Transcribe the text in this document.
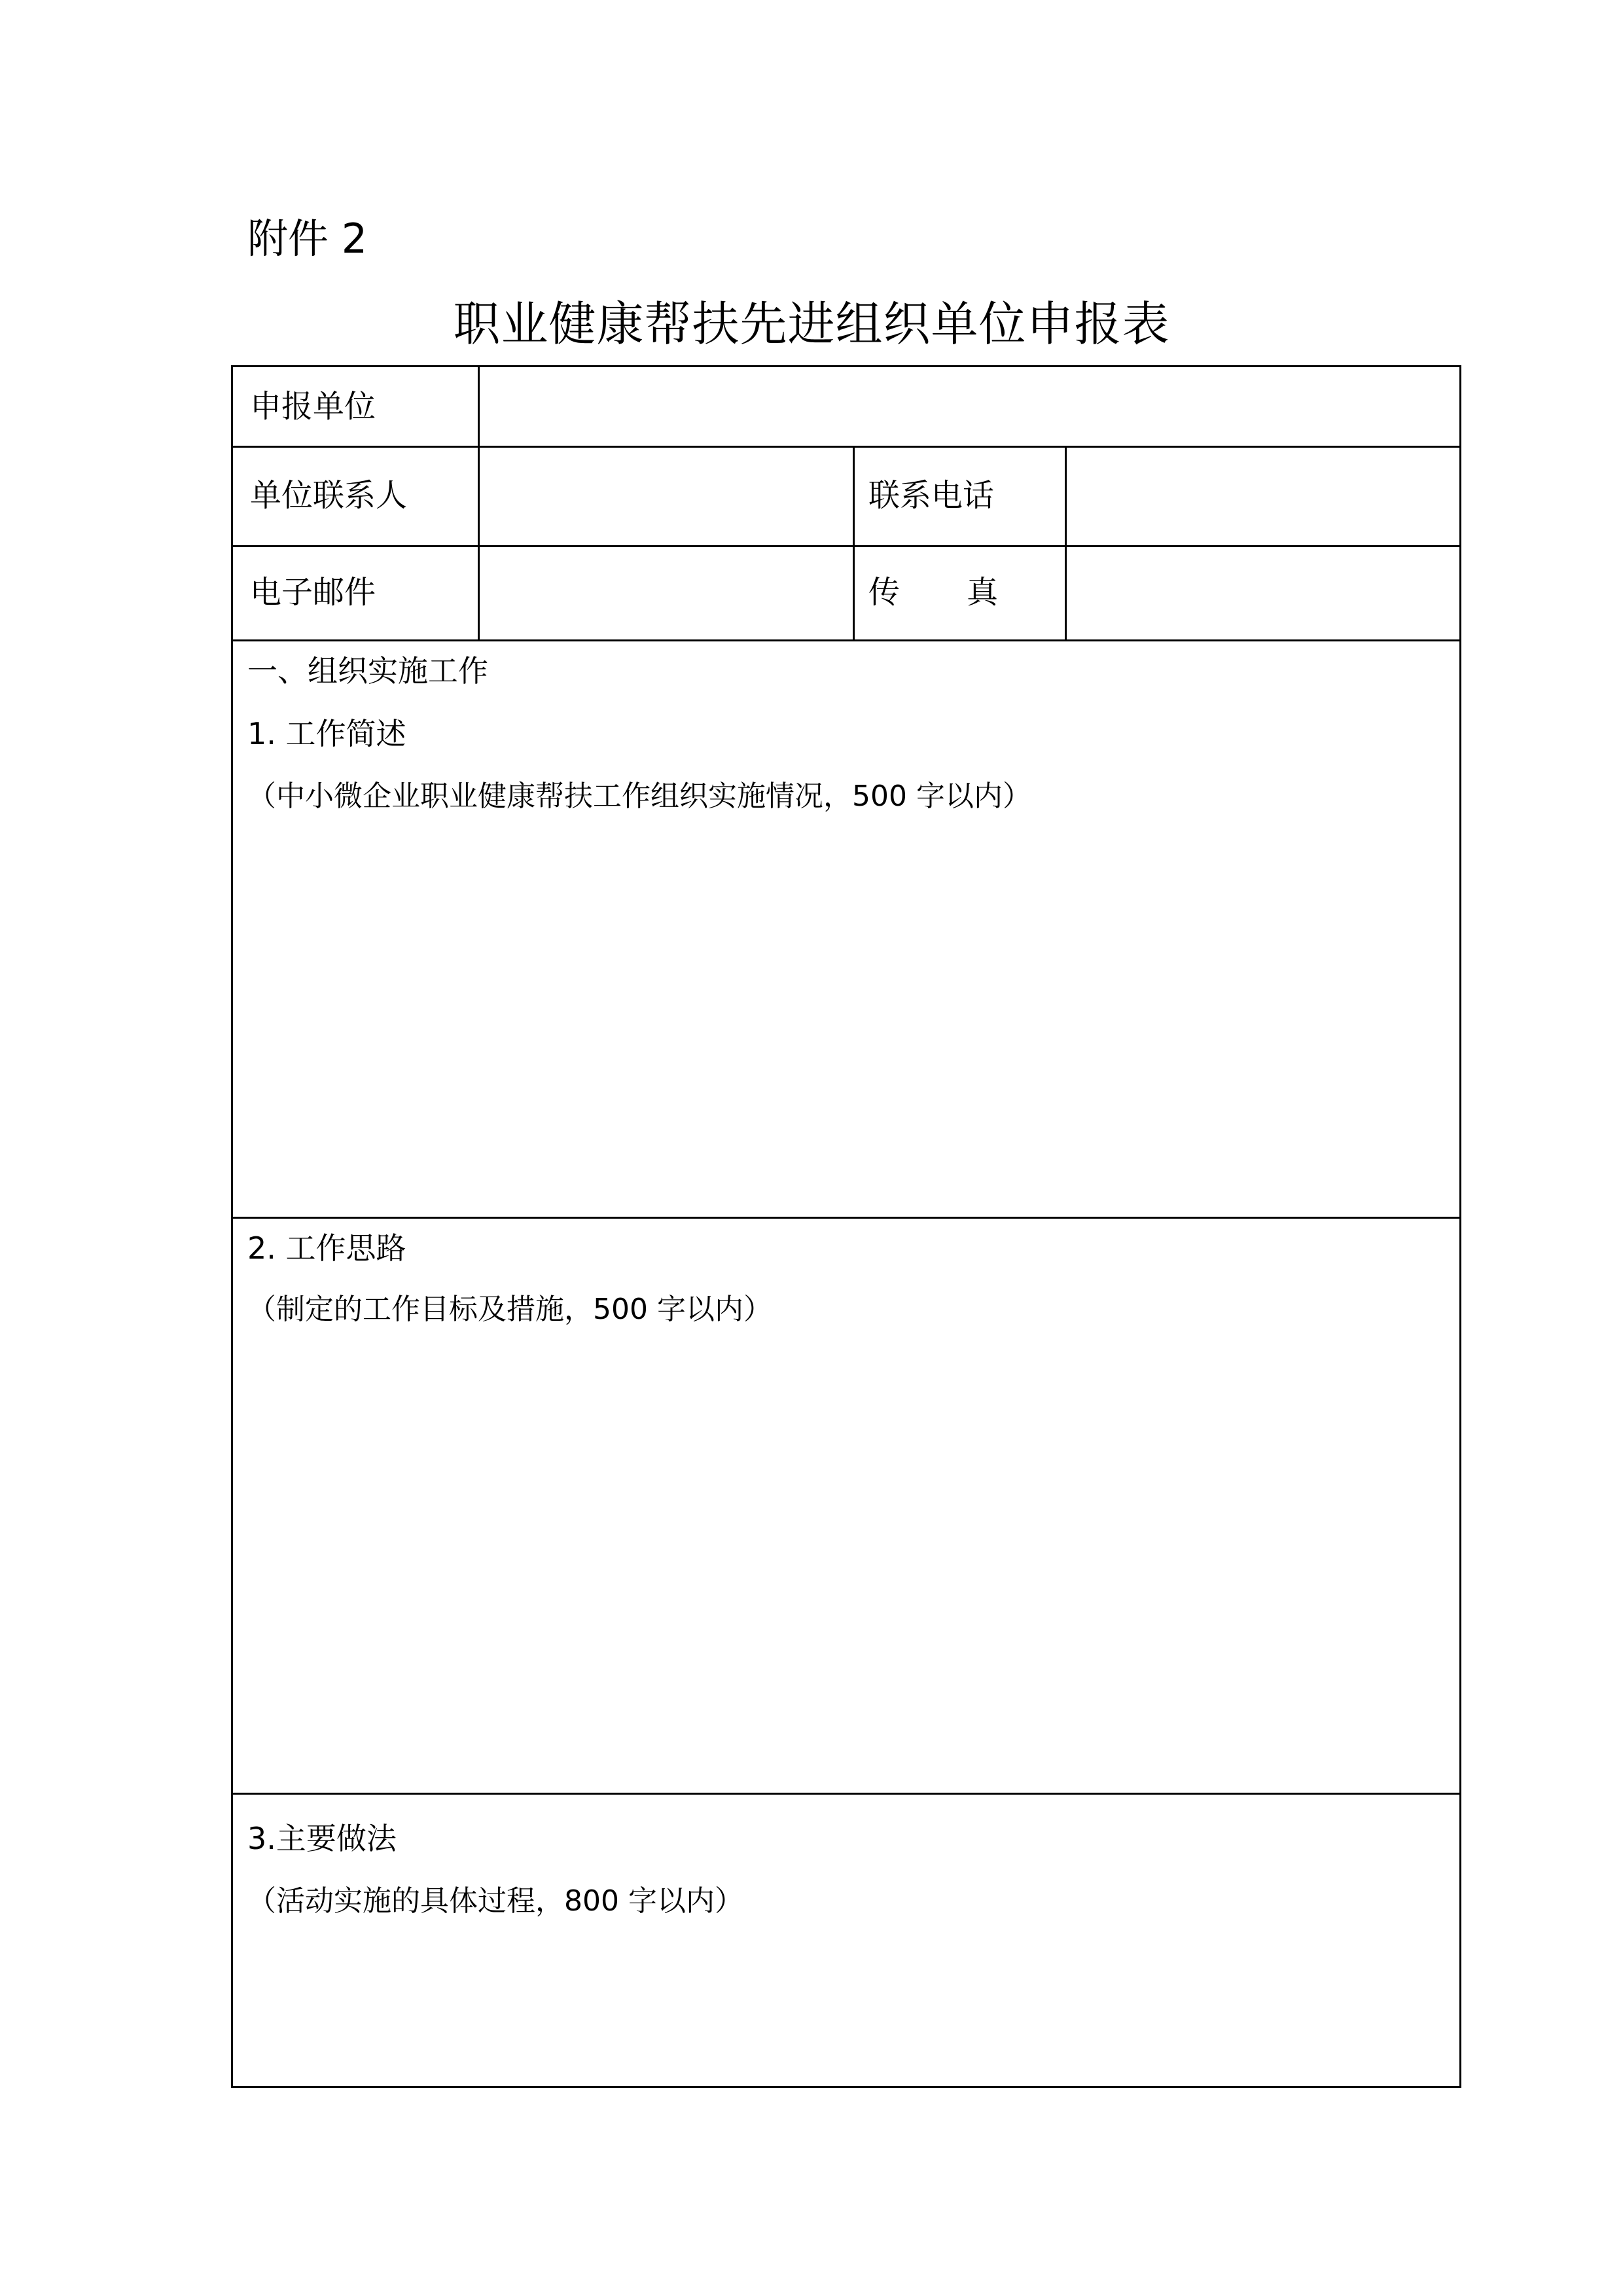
附件 2
职业健康帮扶先进组织单位申报表
申报单位
单位联系人	联系电话
电子邮件	传 真
一、组织实施工作
1. 工作简述
（中小微企业职业健康帮扶工作组织实施情况，500 字以内）
2. 工作思路
（制定的工作目标及措施，500 字以内）
3.主要做法
（活动实施的具体过程，800 字以内）
